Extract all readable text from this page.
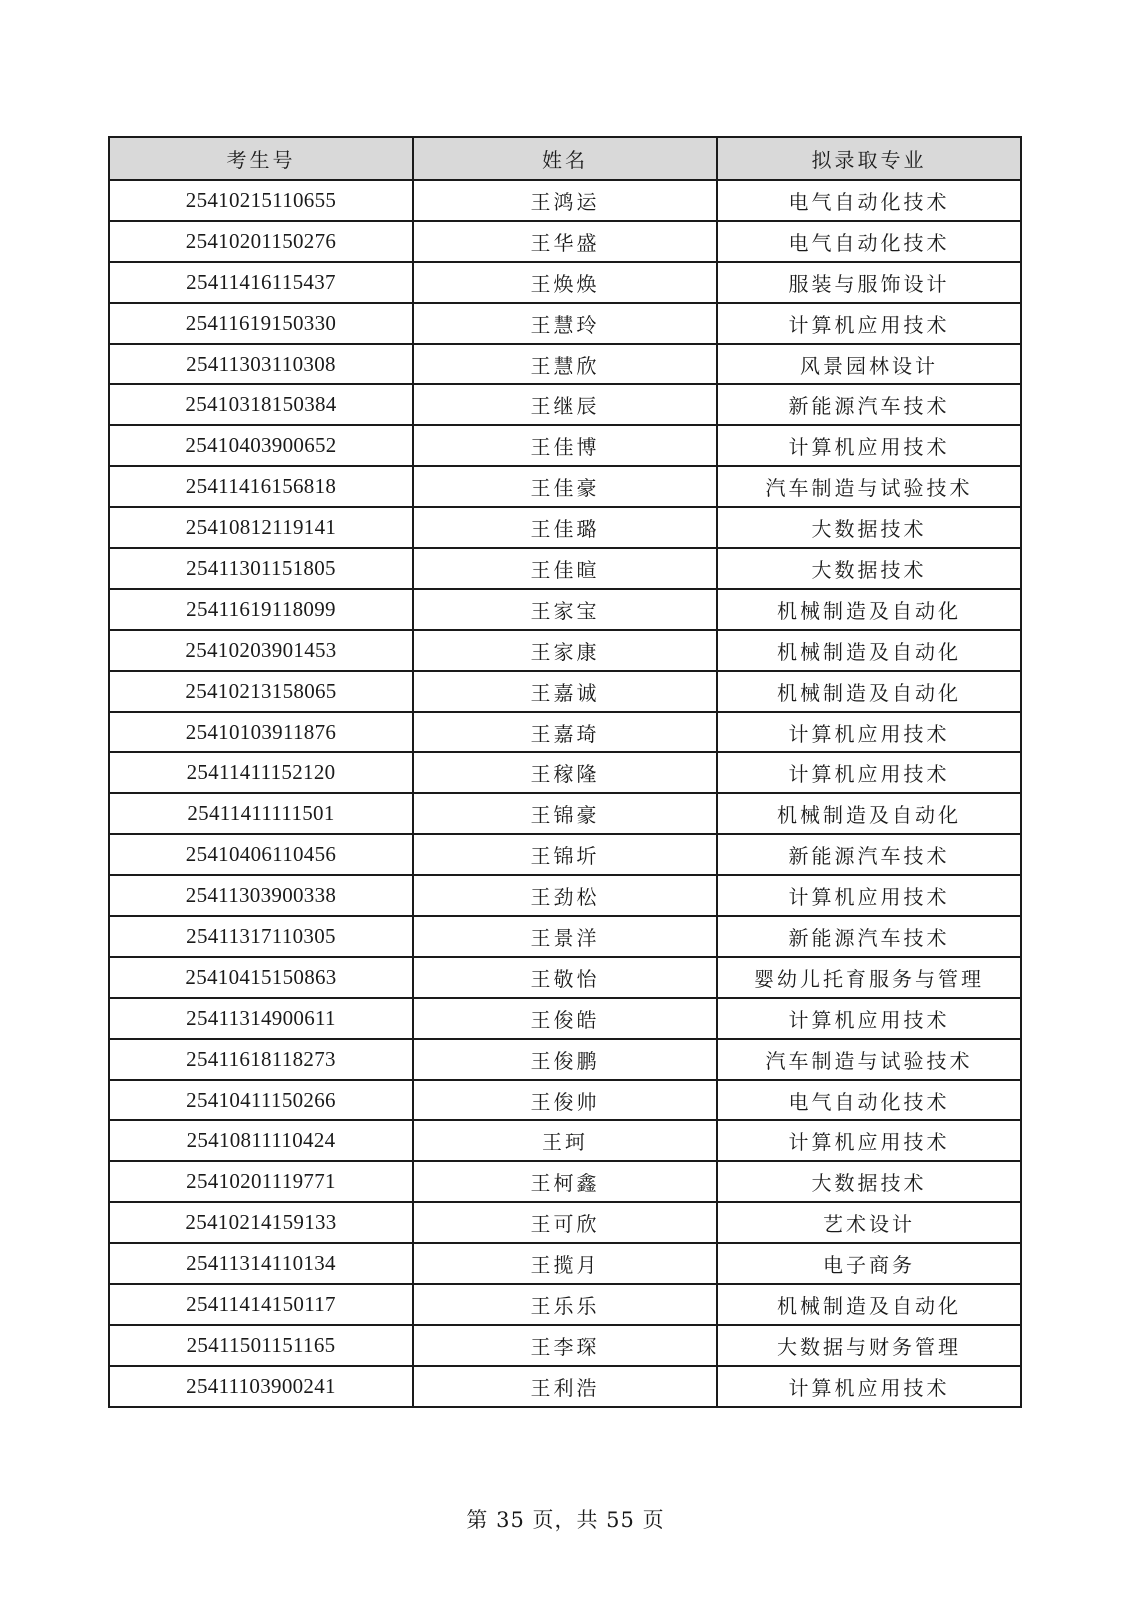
考生号	姓名	拟录取专业
25410215110655	王鸿运	电气自动化技术
25410201150276	王华盛	电气自动化技术
25411416115437	王焕焕	服装与服饰设计
25411619150330	王慧玲	计算机应用技术
25411303110308	王慧欣	风景园林设计
25410318150384	王继辰	新能源汽车技术
25410403900652	王佳博	计算机应用技术
25411416156818	王佳豪	汽车制造与试验技术
25410812119141	王佳璐	大数据技术
25411301151805	王佳暄	大数据技术
25411619118099	王家宝	机械制造及自动化
25410203901453	王家康	机械制造及自动化
25410213158065	王嘉诚	机械制造及自动化
25410103911876	王嘉琦	计算机应用技术
25411411152120	王稼隆	计算机应用技术
25411411111501	王锦豪	机械制造及自动化
25410406110456	王锦圻	新能源汽车技术
25411303900338	王劲松	计算机应用技术
25411317110305	王景洋	新能源汽车技术
25410415150863	王敬怡	婴幼儿托育服务与管理
25411314900611	王俊皓	计算机应用技术
25411618118273	王俊鹏	汽车制造与试验技术
25410411150266	王俊帅	电气自动化技术
25410811110424	王珂	计算机应用技术
25410201119771	王柯鑫	大数据技术
25410214159133	王可欣	艺术设计
25411314110134	王揽月	电子商务
25411414150117	王乐乐	机械制造及自动化
25411501151165	王李琛	大数据与财务管理
25411103900241	王利浩	计算机应用技术
第 35 页，共 55 页
